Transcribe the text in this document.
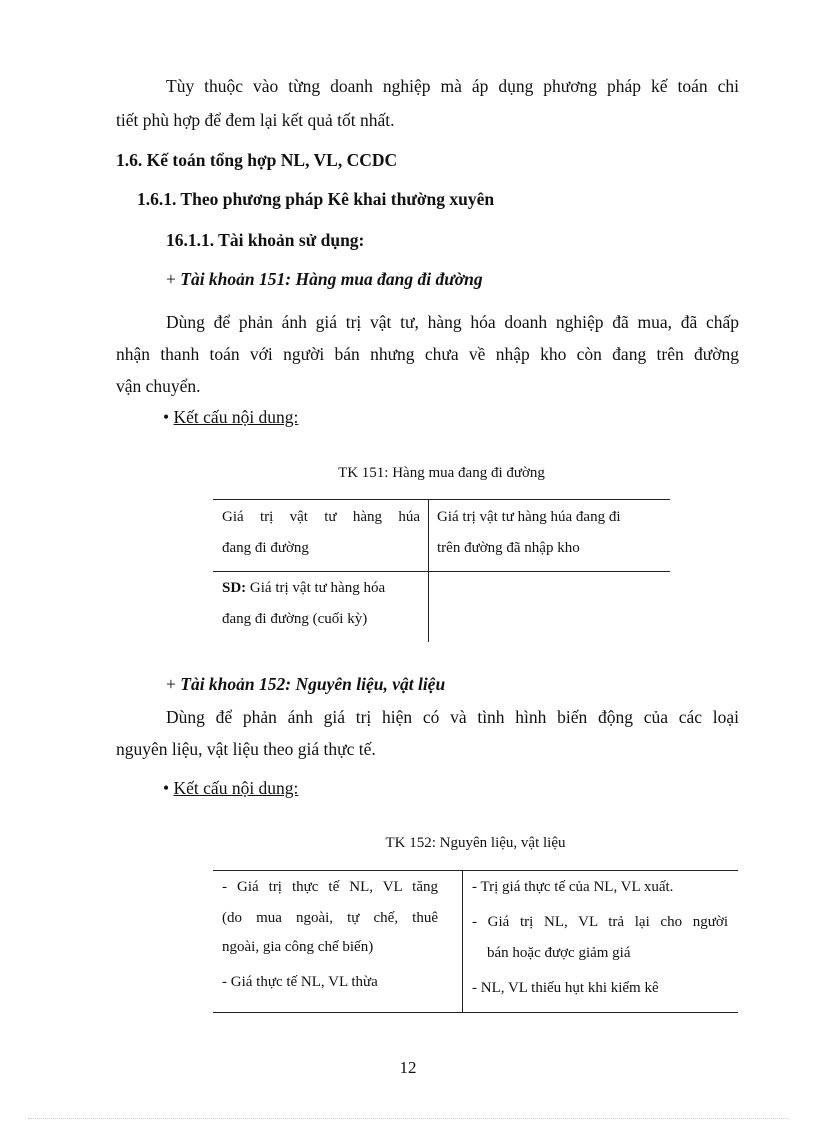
Tùy thuộc vào từng doanh nghiệp mà áp dụng phương pháp kế toán chi

tiết phù hợp để đem lại kết quả tốt nhất.

1.6. Kế toán tổng hợp NL, VL, CCDC

1.6.1. Theo phương pháp Kê khai thường xuyên

16.1.1. Tài khoản sử dụng:

+ Tài khoản 151: Hàng mua đang đi đường

Dùng để phản ánh giá trị vật tư, hàng hóa doanh nghiệp đã mua, đã chấp

nhận thanh toán với người bán nhưng chưa về nhập kho còn đang trên đường

vận chuyển.

• Kết cấu nội dung:

TK 151: Hàng mua đang đi đường
Giá trị vật tư hàng húa
đang đi đường
Giá trị vật tư hàng húa đang đi
trên đường đã nhập kho
SD: Giá trị vật tư hàng hóa
đang đi đường (cuối kỳ)

+ Tài khoản 152: Nguyên liệu, vật liệu

Dùng để phản ánh giá trị hiện có và tình hình biến động của các loại

nguyên liệu, vật liệu theo giá thực tế.

• Kết cấu nội dung:

TK 152: Nguyên liệu, vật liệu
- Giá trị thực tế NL, VL tăng
(do mua ngoài, tự chế, thuê
ngoài, gia công chế biến)
- Giá thực tế NL, VL thừa
- Trị giá thực tế của NL, VL xuất.
- Giá trị NL, VL trả lại cho người
bán hoặc được giảm giá
- NL, VL thiếu hụt khi kiểm kê
12
